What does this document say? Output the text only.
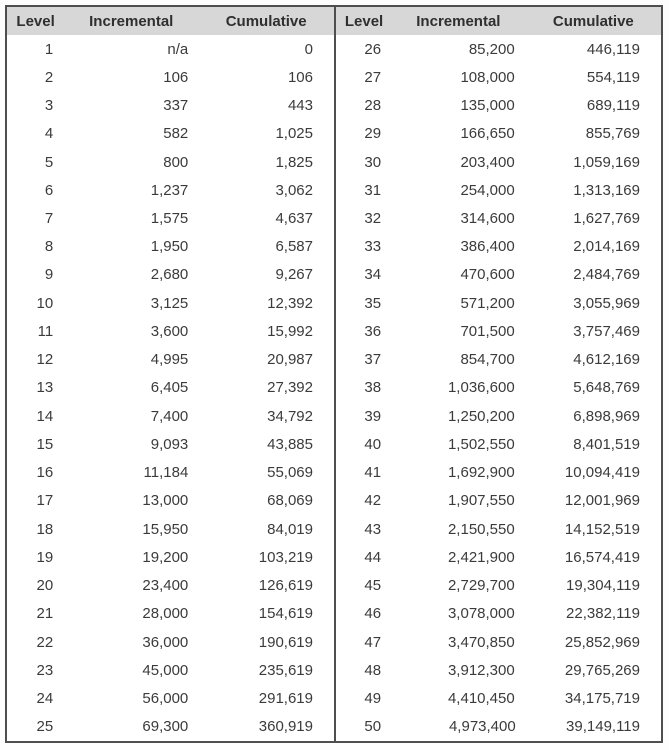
Level	Incremental	Cumulative
1	n/a	0
2	106	106
3	337	443
4	582	1,025
5	800	1,825
6	1,237	3,062
7	1,575	4,637
8	1,950	6,587
9	2,680	9,267
10	3,125	12,392
11	3,600	15,992
12	4,995	20,987
13	6,405	27,392
14	7,400	34,792
15	9,093	43,885
16	11,184	55,069
17	13,000	68,069
18	15,950	84,019
19	19,200	103,219
20	23,400	126,619
21	28,000	154,619
22	36,000	190,619
23	45,000	235,619
24	56,000	291,619
25	69,300	360,919
Level	Incremental	Cumulative
26	85,200	446,119
27	108,000	554,119
28	135,000	689,119
29	166,650	855,769
30	203,400	1,059,169
31	254,000	1,313,169
32	314,600	1,627,769
33	386,400	2,014,169
34	470,600	2,484,769
35	571,200	3,055,969
36	701,500	3,757,469
37	854,700	4,612,169
38	1,036,600	5,648,769
39	1,250,200	6,898,969
40	1,502,550	8,401,519
41	1,692,900	10,094,419
42	1,907,550	12,001,969
43	2,150,550	14,152,519
44	2,421,900	16,574,419
45	2,729,700	19,304,119
46	3,078,000	22,382,119
47	3,470,850	25,852,969
48	3,912,300	29,765,269
49	4,410,450	34,175,719
50	4,973,400	39,149,119
